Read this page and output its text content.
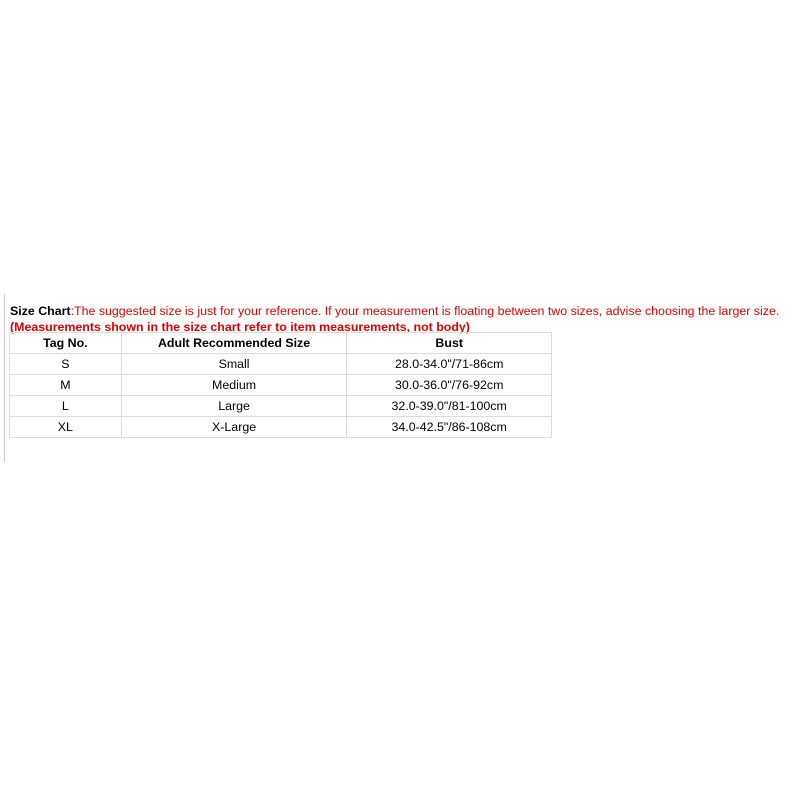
Size Chart:The suggested size is just for your reference. If your measurement is floating between two sizes, advise choosing the larger size.
(Measurements shown in the size chart refer to item measurements, not body)
Tag No.	Adult Recommended Size	Bust
S	Small	28.0-34.0"/71-86cm
M	Medium	30.0-36.0"/76-92cm
L	Large	32.0-39.0"/81-100cm
XL	X-Large	34.0-42.5"/86-108cm
